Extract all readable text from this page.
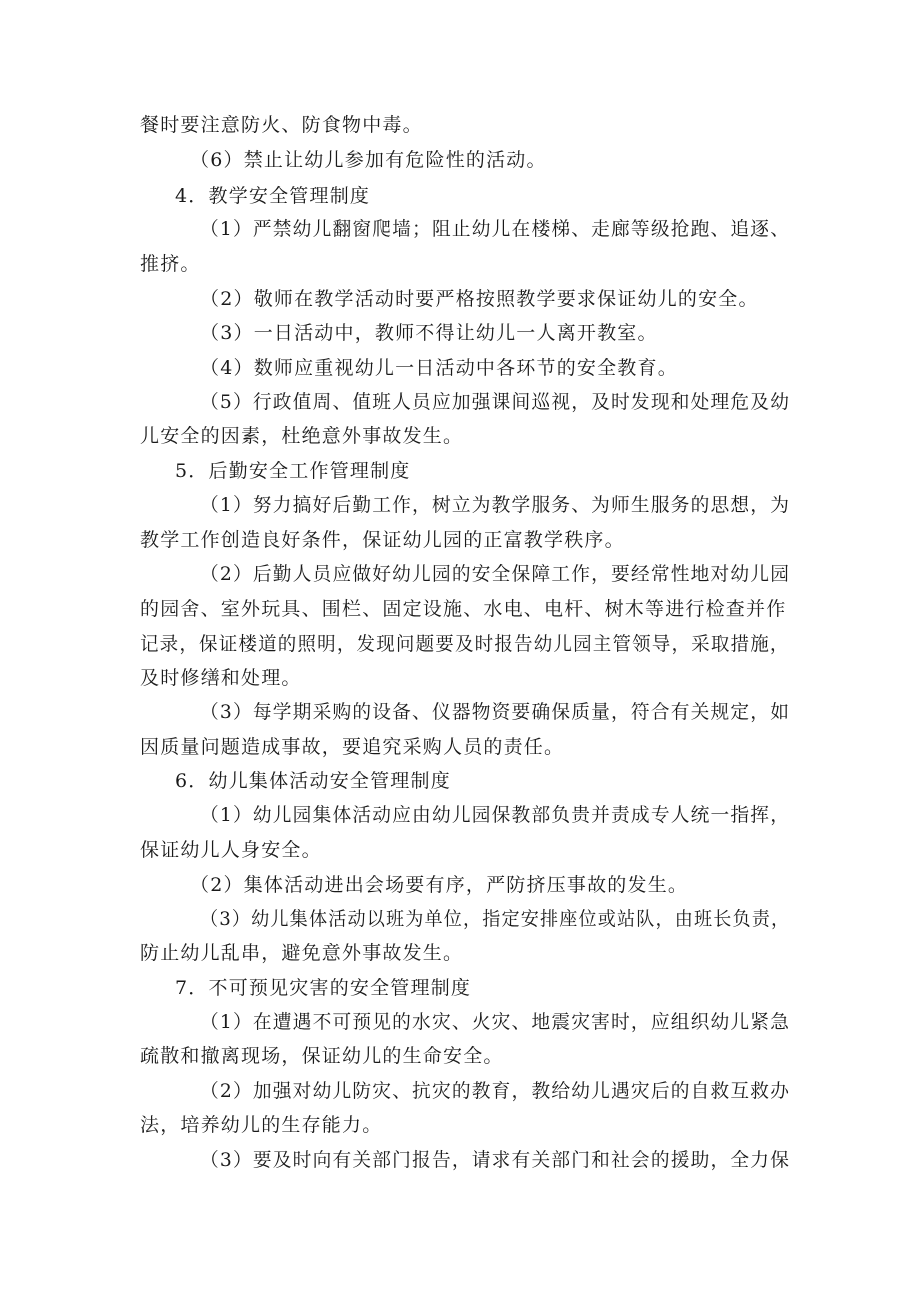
餐时要注意防火、防食物中毒。
（6）禁止让幼儿参加有危险性的活动。
4．教学安全管理制度
（1）严禁幼儿翻窗爬墙；阻止幼儿在楼梯、走廊等级抢跑、追逐、
推挤。
（2）敬师在教学活动时要严格按照教学要求保证幼儿的安全。
（3）一日活动中，教师不得让幼儿一人离开教室。
（4）数师应重视幼儿一日活动中各环节的安全教育。
（5）行政值周、值班人员应加强课间巡视，及时发现和处理危及幼
儿安全的因素，杜绝意外事故发生。
5．后勤安全工作管理制度
（1）努力搞好后勤工作，树立为教学服务、为师生服务的思想，为
教学工作创造良好条件，保证幼儿园的正富教学秩序。
（2）后勤人员应做好幼儿园的安全保障工作，要经常性地对幼儿园
的园舍、室外玩具、围栏、固定设施、水电、电杆、树木等进行检查并作
记录，保证楼道的照明，发现问题要及时报告幼儿园主管领导，采取措施，
及时修缮和处理。
（3）每学期采购的设备、仪器物资要确保质量，符合有关规定，如
因质量问题造成事故，要追究采购人员的责任。
6．幼儿集体活动安全管理制度
（1）幼儿园集体活动应由幼儿园保教部负贵并责成专人统一指挥，
保证幼儿人身安全。
（2）集体活动进出会场要有序，严防挤压事故的发生。
（3）幼儿集体活动以班为单位，指定安排座位或站队，由班长负责，
防止幼儿乱串，避免意外事故发生。
7．不可预见灾害的安全管理制度
（1）在遭遇不可预见的水灾、火灾、地震灾害时，应组织幼儿紧急
疏散和撤离现场，保证幼儿的生命安全。
（2）加强对幼儿防灾、抗灾的教育，教给幼儿遇灾后的自救互救办
法，培养幼儿的生存能力。
（3）要及时向有关部门报告，请求有关部门和社会的援助，全力保
